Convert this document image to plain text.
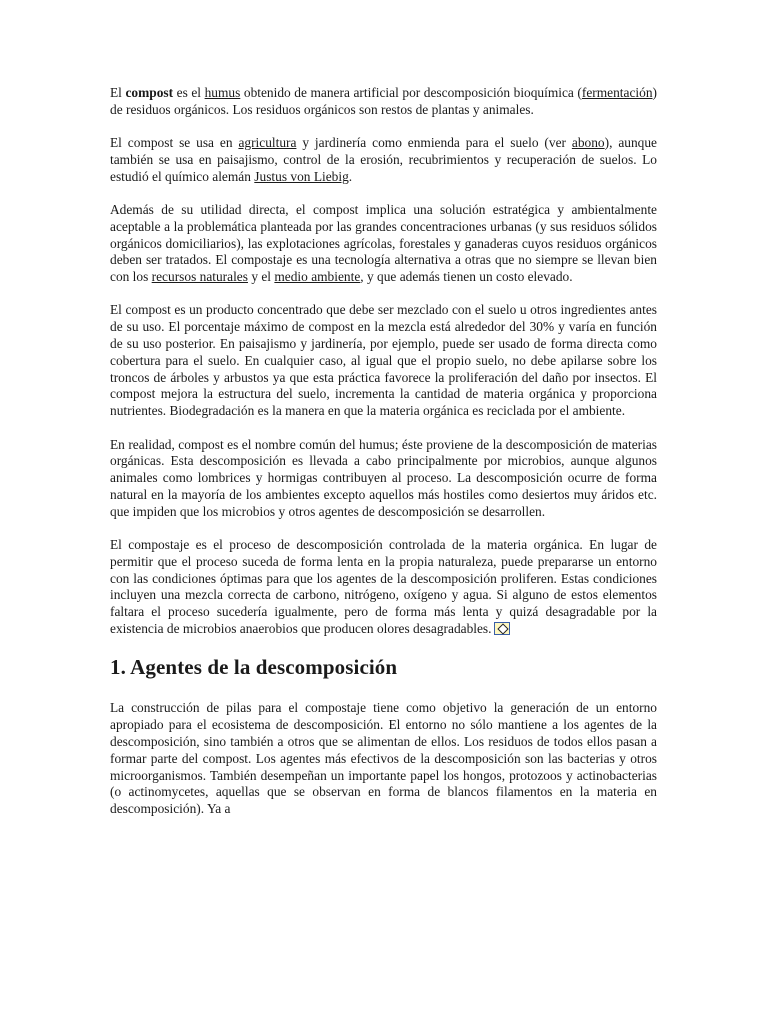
El compost es el humus obtenido de manera artificial por descomposición bioquímica (fermentación) de residuos orgánicos. Los residuos orgánicos son restos de plantas y animales.

El compost se usa en agricultura y jardinería como enmienda para el suelo (ver abono), aunque también se usa en paisajismo, control de la erosión, recubrimientos y recuperación de suelos. Lo estudió el químico alemán Justus von Liebig.

Además de su utilidad directa, el compost implica una solución estratégica y ambientalmente aceptable a la problemática planteada por las grandes concentraciones urbanas (y sus residuos sólidos orgánicos domiciliarios), las explotaciones agrícolas, forestales y ganaderas cuyos residuos orgánicos deben ser tratados. El compostaje es una tecnología alternativa a otras que no siempre se llevan bien con los recursos naturales y el medio ambiente, y que además tienen un costo elevado.

El compost es un producto concentrado que debe ser mezclado con el suelo u otros ingredientes antes de su uso. El porcentaje máximo de compost en la mezcla está alrededor del 30% y varía en función de su uso posterior. En paisajismo y jardinería, por ejemplo, puede ser usado de forma directa como cobertura para el suelo. En cualquier caso, al igual que el propio suelo, no debe apilarse sobre los troncos de árboles y arbustos ya que esta práctica favorece la proliferación del daño por insectos. El compost mejora la estructura del suelo, incrementa la cantidad de materia orgánica y proporciona nutrientes. Biodegradación es la manera en que la materia orgánica es reciclada por el ambiente.

En realidad, compost es el nombre común del humus; éste proviene de la descomposición de materias orgánicas. Esta descomposición es llevada a cabo principalmente por microbios, aunque algunos animales como lombrices y hormigas contribuyen al proceso. La descomposición ocurre de forma natural en la mayoría de los ambientes excepto aquellos más hostiles como desiertos muy áridos etc. que impiden que los microbios y otros agentes de descomposición se desarrollen.

El compostaje es el proceso de descomposición controlada de la materia orgánica. En lugar de permitir que el proceso suceda de forma lenta en la propia naturaleza, puede prepararse un entorno con las condiciones óptimas para que los agentes de la descomposición proliferen. Estas condiciones incluyen una mezcla correcta de carbono, nitrógeno, oxígeno y agua. Si alguno de estos elementos faltara el proceso sucedería igualmente, pero de forma más lenta y quizá desagradable por la existencia de microbios anaerobios que producen olores desagradables.

1. Agentes de la descomposición

La construcción de pilas para el compostaje tiene como objetivo la generación de un entorno apropiado para el ecosistema de descomposición. El entorno no sólo mantiene a los agentes de la descomposición, sino también a otros que se alimentan de ellos. Los residuos de todos ellos pasan a formar parte del compost. Los agentes más efectivos de la descomposición son las bacterias y otros microorganismos. También desempeñan un importante papel los hongos, protozoos y actinobacterias (o actinomycetes, aquellas que se observan en forma de blancos filamentos en la materia en descomposición). Ya a
